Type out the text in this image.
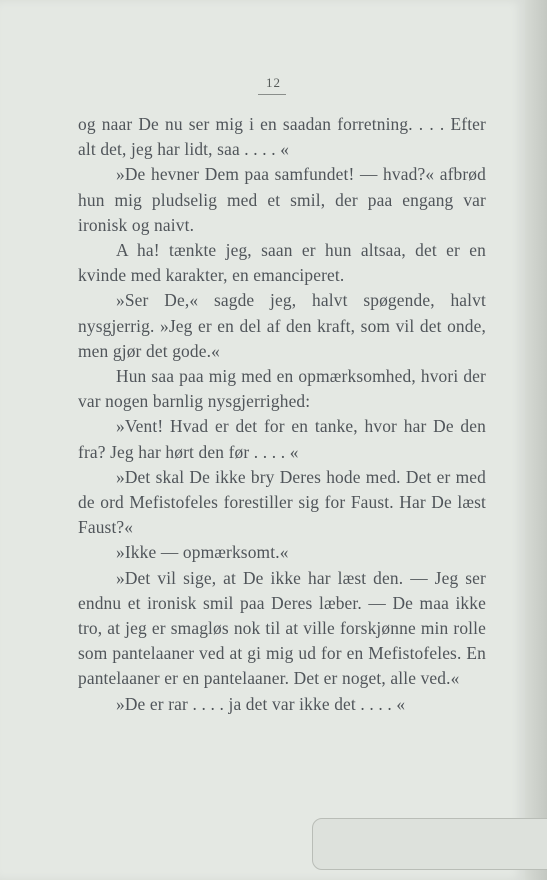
12

og naar De nu ser mig i en saadan forretning. . . . Efter alt det, jeg har lidt, saa . . . . «

»De hevner Dem paa samfundet! — hvad?« afbrød hun mig pludselig med et smil, der paa engang var ironisk og naivt.

A ha! tænkte jeg, saan er hun altsaa, det er en kvinde med karakter, en emanciperet.

»Ser De,« sagde jeg, halvt spøgende, halvt nysgjerrig. »Jeg er en del af den kraft, som vil det onde, men gjør det gode.«

Hun saa paa mig med en opmærksomhed, hvori der var nogen barnlig nysgjerrighed:

»Vent! Hvad er det for en tanke, hvor har De den fra? Jeg har hørt den før . . . . «

»Det skal De ikke bry Deres hode med. Det er med de ord Mefistofeles forestiller sig for Faust. Har De læst Faust?«

»Ikke — opmærksomt.«

»Det vil sige, at De ikke har læst den. — Jeg ser endnu et ironisk smil paa Deres læber. — De maa ikke tro, at jeg er smagløs nok til at ville forskjønne min rolle som pantelaaner ved at gi mig ud for en Mefistofeles. En pantelaaner er en pantelaaner. Det er noget, alle ved.«

»De er rar . . . . ja det var ikke det . . . . «
